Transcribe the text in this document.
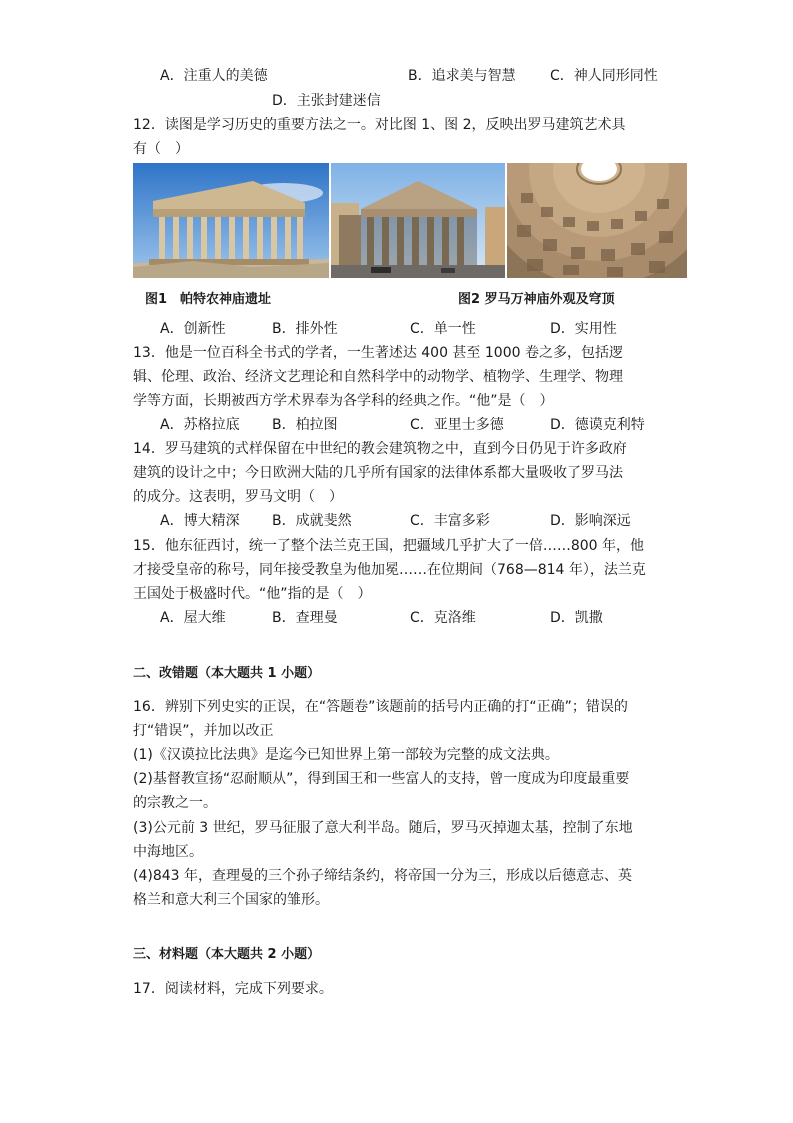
A．注重人的美德	B．追求美与智慧 C．神人同形同性
D．主张封建迷信
12．读图是学习历史的重要方法之一。对比图 1、图 2，反映出罗马建筑艺术具
有（　）
图1　帕特农神庙遗址	图2 罗马万神庙外观及穹顶
A．创新性	B．排外性	C．单一性	D．实用性
13．他是一位百科全书式的学者，一生著述达 400 甚至 1000 卷之多，包括逻
辑、伦理、政治、经济文艺理论和自然科学中的动物学、植物学、生理学、物理
学等方面，长期被西方学术界奉为各学科的经典之作。“他”是（　）
A．苏格拉底 B．柏拉图	C．亚里士多德	D．德谟克利特
14．罗马建筑的式样保留在中世纪的教会建筑物之中，直到今日仍见于许多政府
建筑的设计之中；今日欧洲大陆的几乎所有国家的法律体系都大量吸收了罗马法
的成分。这表明，罗马文明（　）
A．博大精深 B．成就斐然	C．丰富多彩	D．影响深远
15．他东征西讨，统一了整个法兰克王国，把疆域几乎扩大了一倍……800 年，他
才接受皇帝的称号，同年接受教皇为他加冕……在位期间（768—814 年），法兰克
王国处于极盛时代。“他”指的是（　）
A．屋大维	B．查理曼	C．克洛维	D．凯撒
二、改错题（本大题共 1 小题）
16．辨别下列史实的正误，在“答题卷”该题前的括号内正确的打“正确”；错误的
打“错误”，并加以改正
(1)《汉谟拉比法典》是迄今已知世界上第一部较为完整的成文法典。
(2)基督教宣扬“忍耐顺从”，得到国王和一些富人的支持，曾一度成为印度最重要
的宗教之一。
(3)公元前 3 世纪，罗马征服了意大利半岛。随后，罗马灭掉迦太基，控制了东地
中海地区。
(4)843 年，查理曼的三个孙子缔结条约，将帝国一分为三，形成以后德意志、英
格兰和意大利三个国家的雏形。
三、材料题（本大题共 2 小题）
17．阅读材料，完成下列要求。
